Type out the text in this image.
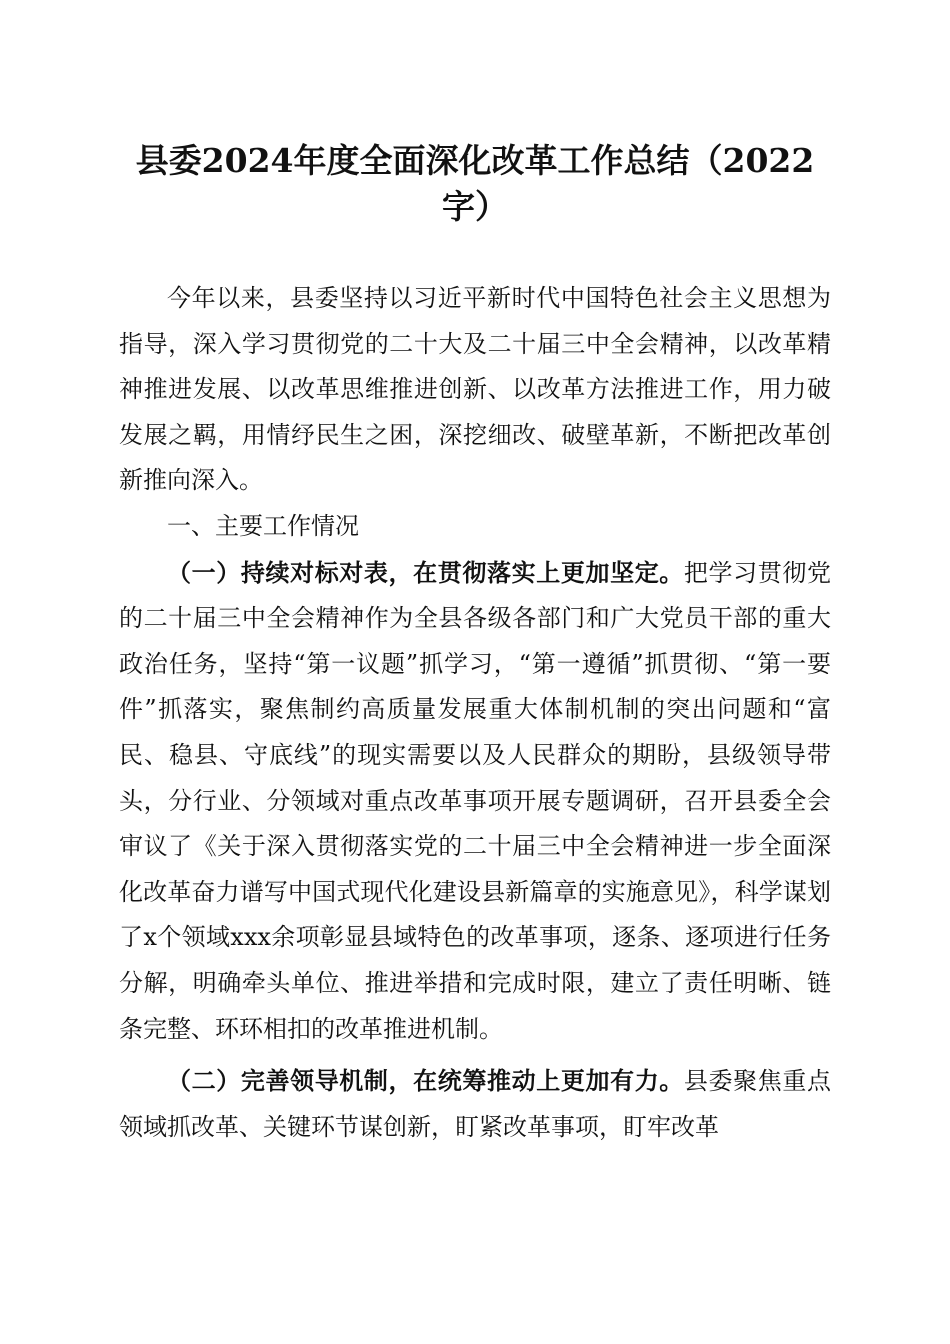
县委2024年度全面深化改革工作总结（2022
字）

今年以来，县委坚持以习近平新时代中国特色社会主义思想为指导，深入学习贯彻党的二十大及二十届三中全会精神，以改革精神推进发展、以改革思维推进创新、以改革方法推进工作，用力破发展之羁，用情纾民生之困，深挖细改、破壁革新，不断把改革创新推向深入。

一、主要工作情况

（一）持续对标对表，在贯彻落实上更加坚定。把学习贯彻党的二十届三中全会精神作为全县各级各部门和广大党员干部的重大政治任务，坚持“第一议题”抓学习，“第一遵循”抓贯彻、“第一要件”抓落实，聚焦制约高质量发展重大体制机制的突出问题和“富民、稳县、守底线”的现实需要以及人民群众的期盼，县级领导带头，分行业、分领域对重点改革事项开展专题调研，召开县委全会审议了《关于深入贯彻落实党的二十届三中全会精神进一步全面深化改革奋力谱写中国式现代化建设县新篇章的实施意见》，科学谋划了x个领域xxx余项彰显县域特色的改革事项，逐条、逐项进行任务分解，明确牵头单位、推进举措和完成时限，建立了责任明晰、链条完整、环环相扣的改革推进机制。

（二）完善领导机制，在统筹推动上更加有力。县委聚焦重点领域抓改革、关键环节谋创新，盯紧改革事项，盯牢改革
